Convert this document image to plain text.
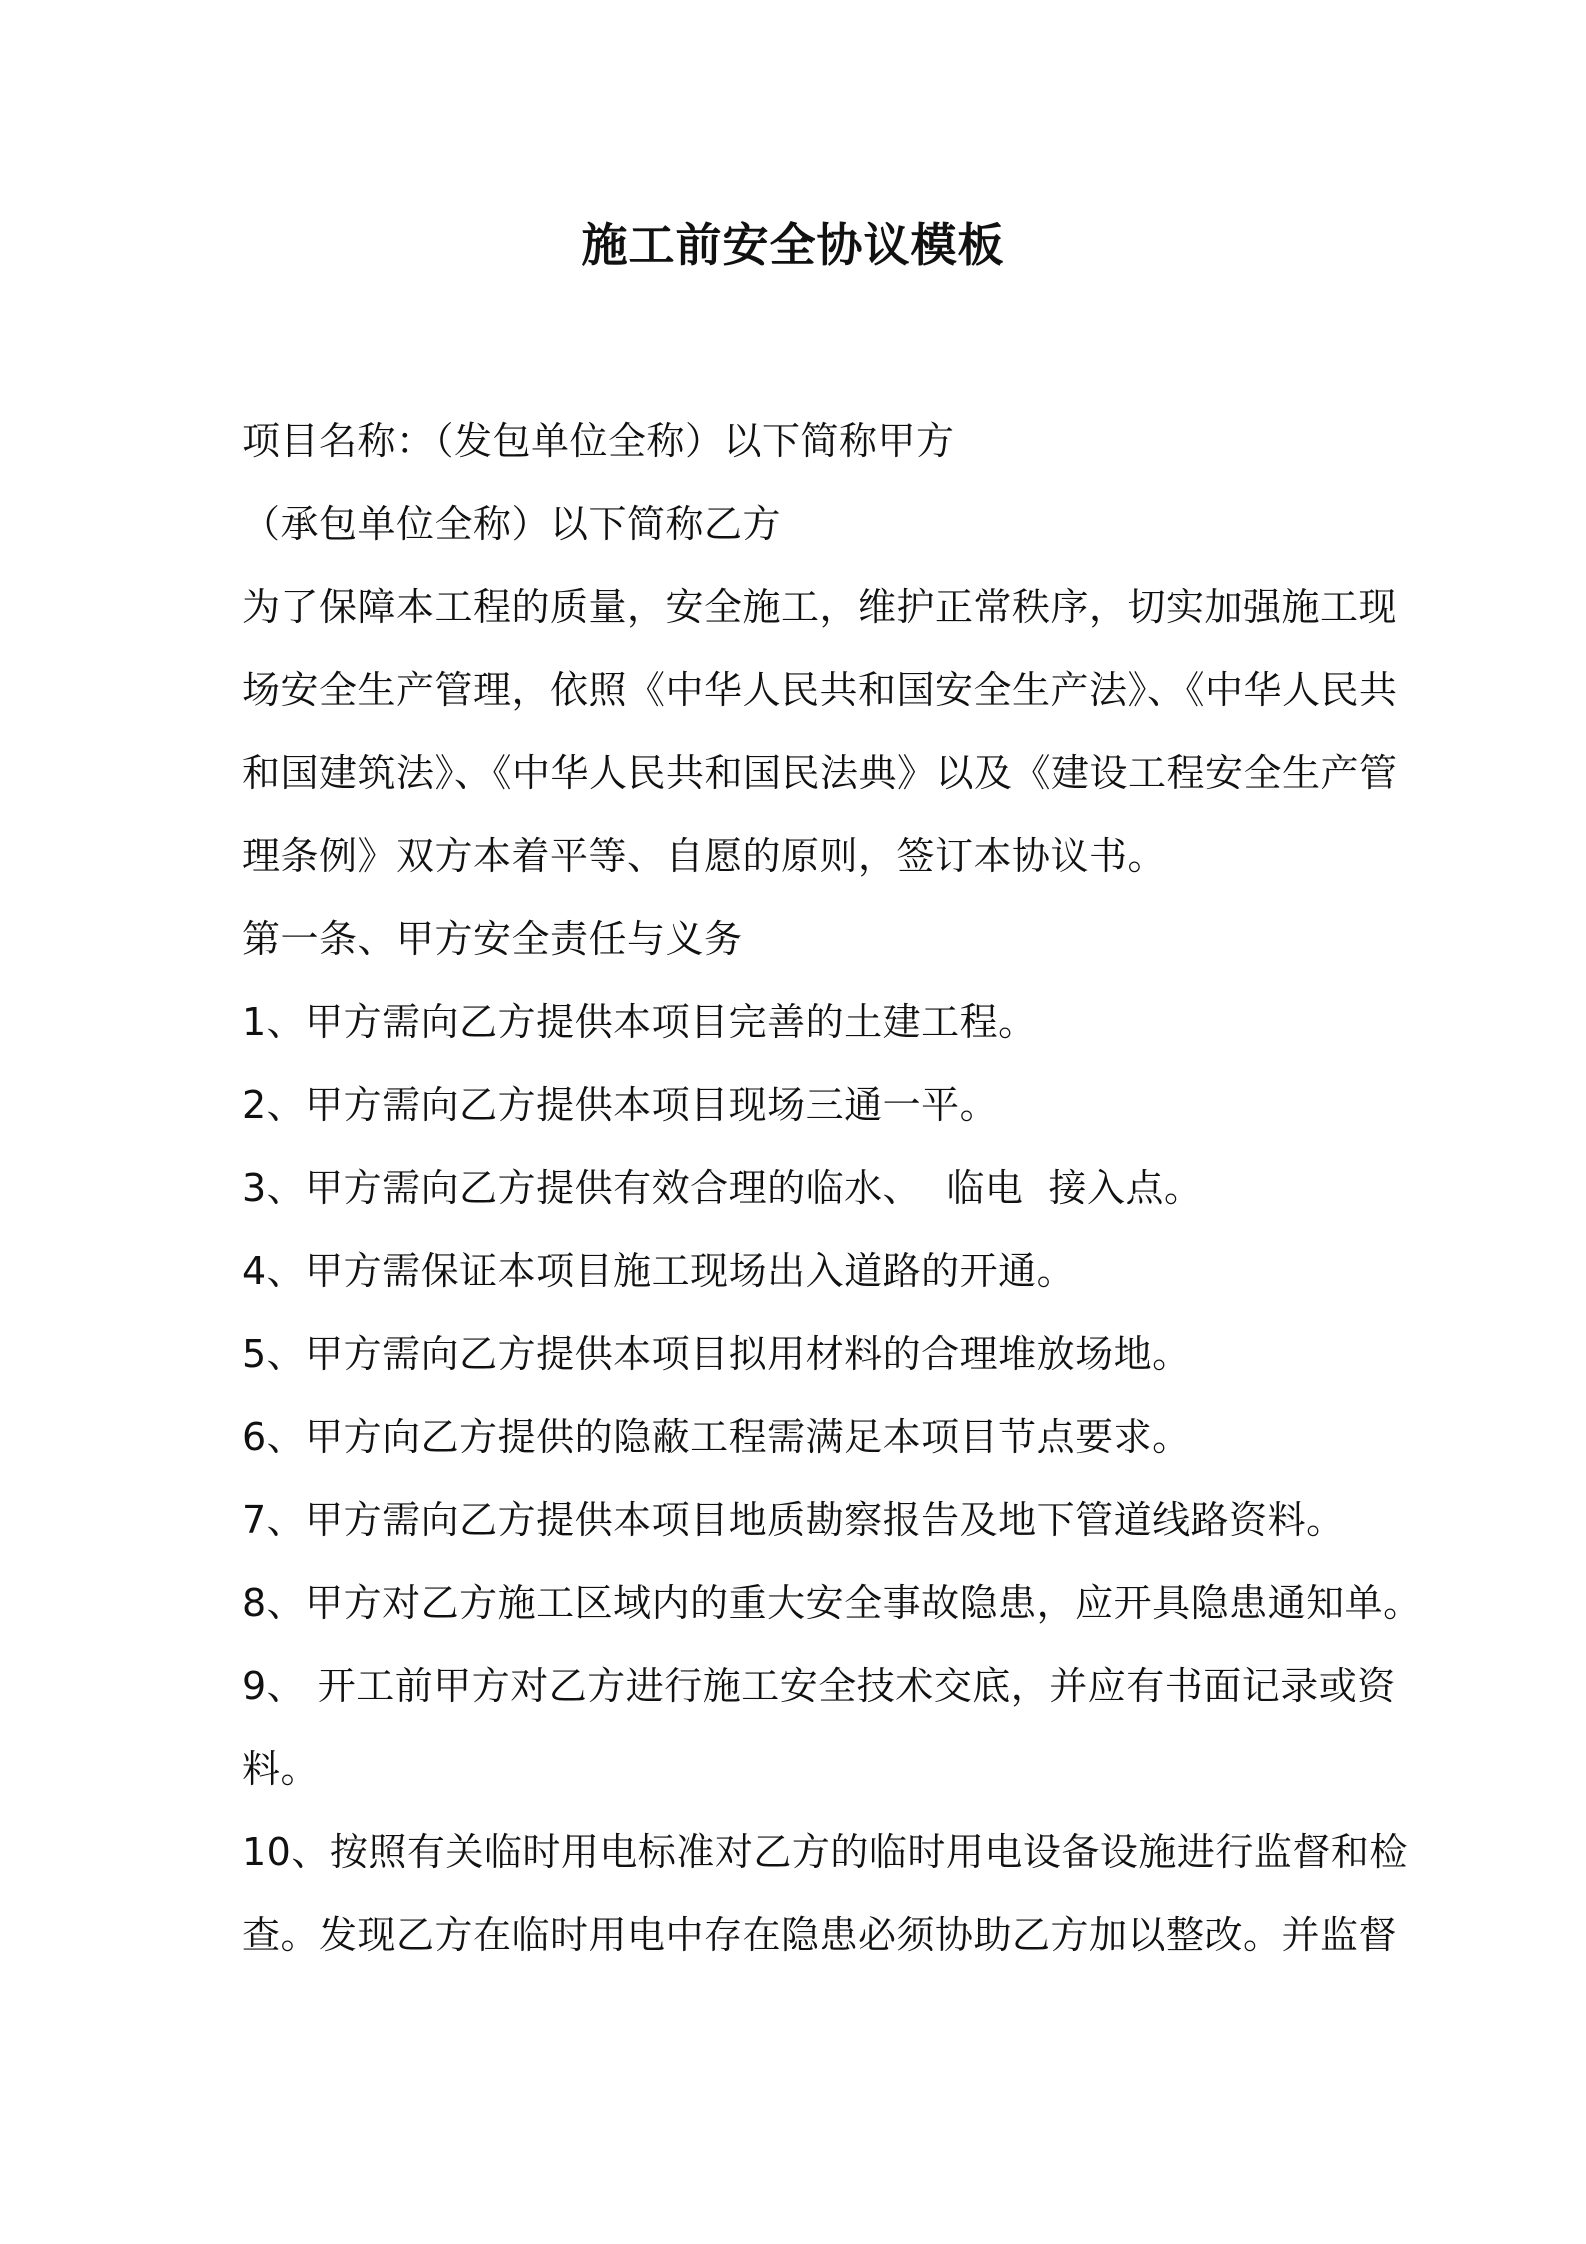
施工前安全协议模板
项目名称：（发包单位全称）以下简称甲方
（承包单位全称）以下简称乙方
为了保障本工程的质量，安全施工，维护正常秩序，切实加强施工现
场安全生产管理，依照《中华人民共和国安全生产法》、《中华人民共
和国建筑法》、《中华人民共和国民法典》以及《建设工程安全生产管
理条例》双方本着平等、自愿的原则，签订本协议书。
第一条、甲方安全责任与义务
1、甲方需向乙方提供本项目完善的土建工程。
2、甲方需向乙方提供本项目现场三通一平。
3、甲方需向乙方提供有效合理的临水、  临电  接入点。
4、甲方需保证本项目施工现场出入道路的开通。
5、甲方需向乙方提供本项目拟用材料的合理堆放场地。
6、甲方向乙方提供的隐蔽工程需满足本项目节点要求。
7、甲方需向乙方提供本项目地质勘察报告及地下管道线路资料。
8、甲方对乙方施工区域内的重大安全事故隐患，应开具隐患通知单。
9、 开工前甲方对乙方进行施工安全技术交底，并应有书面记录或资
料。
10、按照有关临时用电标准对乙方的临时用电设备设施进行监督和检
查。发现乙方在临时用电中存在隐患必须协助乙方加以整改。并监督
